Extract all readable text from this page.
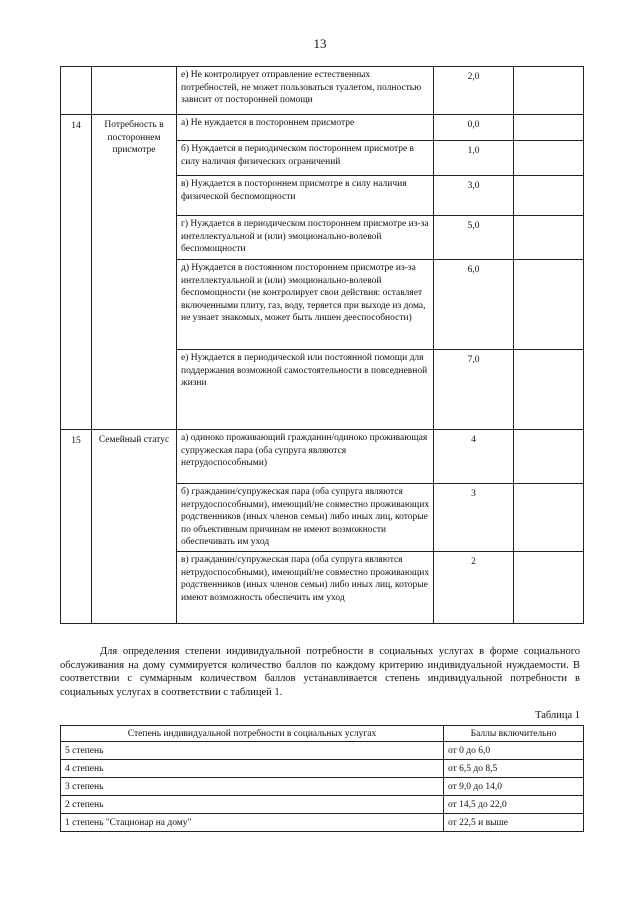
13
		е) Не контролирует отправление естественных потребностей, не может пользоваться туалетом, полностью зависит от посторонней помощи	2,0	
14	Потребность в постороннем присмотре	а) Не нуждается в постороннем присмотре	0,0	
		б) Нуждается в периодическом постороннем присмотре в силу наличия физических ограничений	1,0	
		в) Нуждается в постороннем присмотре в силу наличия физической беспомощности	3,0	
		г) Нуждается в периодическом постороннем присмотре из-за интеллектуальной и (или) эмоционально-волевой беспомощности	5,0	
		д) Нуждается в постоянном постороннем присмотре из-за интеллектуальной и (или) эмоционально-волевой беспомощности (не контролирует свои действия: оставляет включенными плиту, газ, воду, теряется при выходе из дома, не узнает знакомых, может быть лишен дееспособности)	6,0	
		е) Нуждается в периодической или постоянной помощи для поддержания возможной самостоятельности в повседневной жизни	7,0	
15	Семейный статус	а) одиноко проживающий гражданин/одиноко проживающая супружеская пара (оба супруга являются нетрудоспособными)	4	
		б) гражданин/супружеская пара (оба супруга являются нетрудоспособными), имеющий/не совместно проживающих родственников (иных членов семьи) либо иных лиц, которые по объективным причинам не имеют возможности обеспечивать им уход	3	
		в) гражданин/супружеская пара (оба супруга являются нетрудоспособными), имеющий/не совместно проживающих родственников (иных членов семьи) либо иных лиц, которые имеют возможность обеспечить им уход	2	
Для определения степени индивидуальной потребности в социальных услугах в форме социального обслуживания на дому суммируется количество баллов по каждому критерию индивидуальной нуждаемости. В соответствии с суммарным количеством баллов устанавливается степень индивидуальной потребности в социальных услугах в соответствии с таблицей 1.
Таблица 1
Степень индивидуальной потребности в социальных услугах	Баллы включительно
5 степень	от 0 до 6,0
4 степень	от 6,5 до 8,5
3 степень	от 9,0 до 14,0
2 степень	от 14,5 до 22,0
1 степень "Стационар на дому"	от 22,5 и выше
